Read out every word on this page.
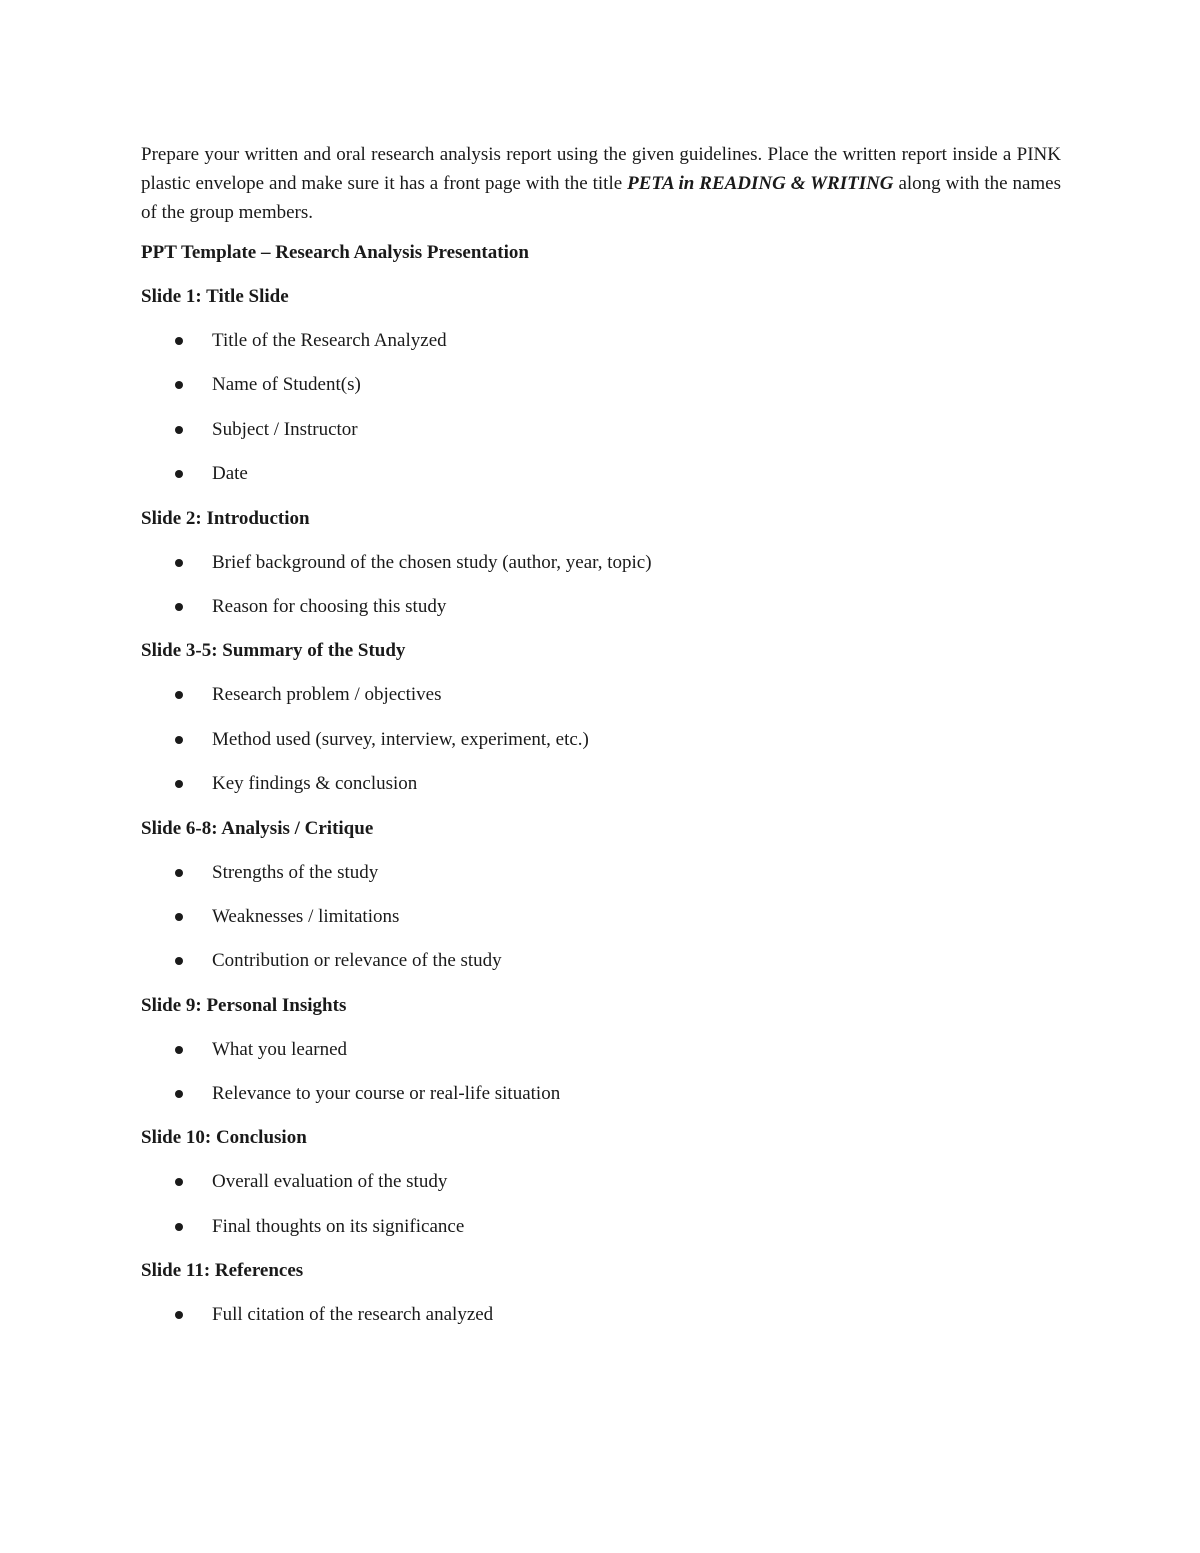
Prepare your written and oral research analysis report using the given guidelines. Place the written report inside a PINK plastic envelope and make sure it has a front page with the title PETA in READING & WRITING along with the names of the group members.

PPT Template – Research Analysis Presentation

Slide 1: Title Slide

Title of the Research Analyzed
Name of Student(s)
Subject / Instructor
Date

Slide 2: Introduction

Brief background of the chosen study (author, year, topic)
Reason for choosing this study

Slide 3-5: Summary of the Study

Research problem / objectives
Method used (survey, interview, experiment, etc.)
Key findings & conclusion

Slide 6-8: Analysis / Critique

Strengths of the study
Weaknesses / limitations
Contribution or relevance of the study

Slide 9: Personal Insights

What you learned
Relevance to your course or real-life situation

Slide 10: Conclusion

Overall evaluation of the study
Final thoughts on its significance

Slide 11: References

Full citation of the research analyzed
